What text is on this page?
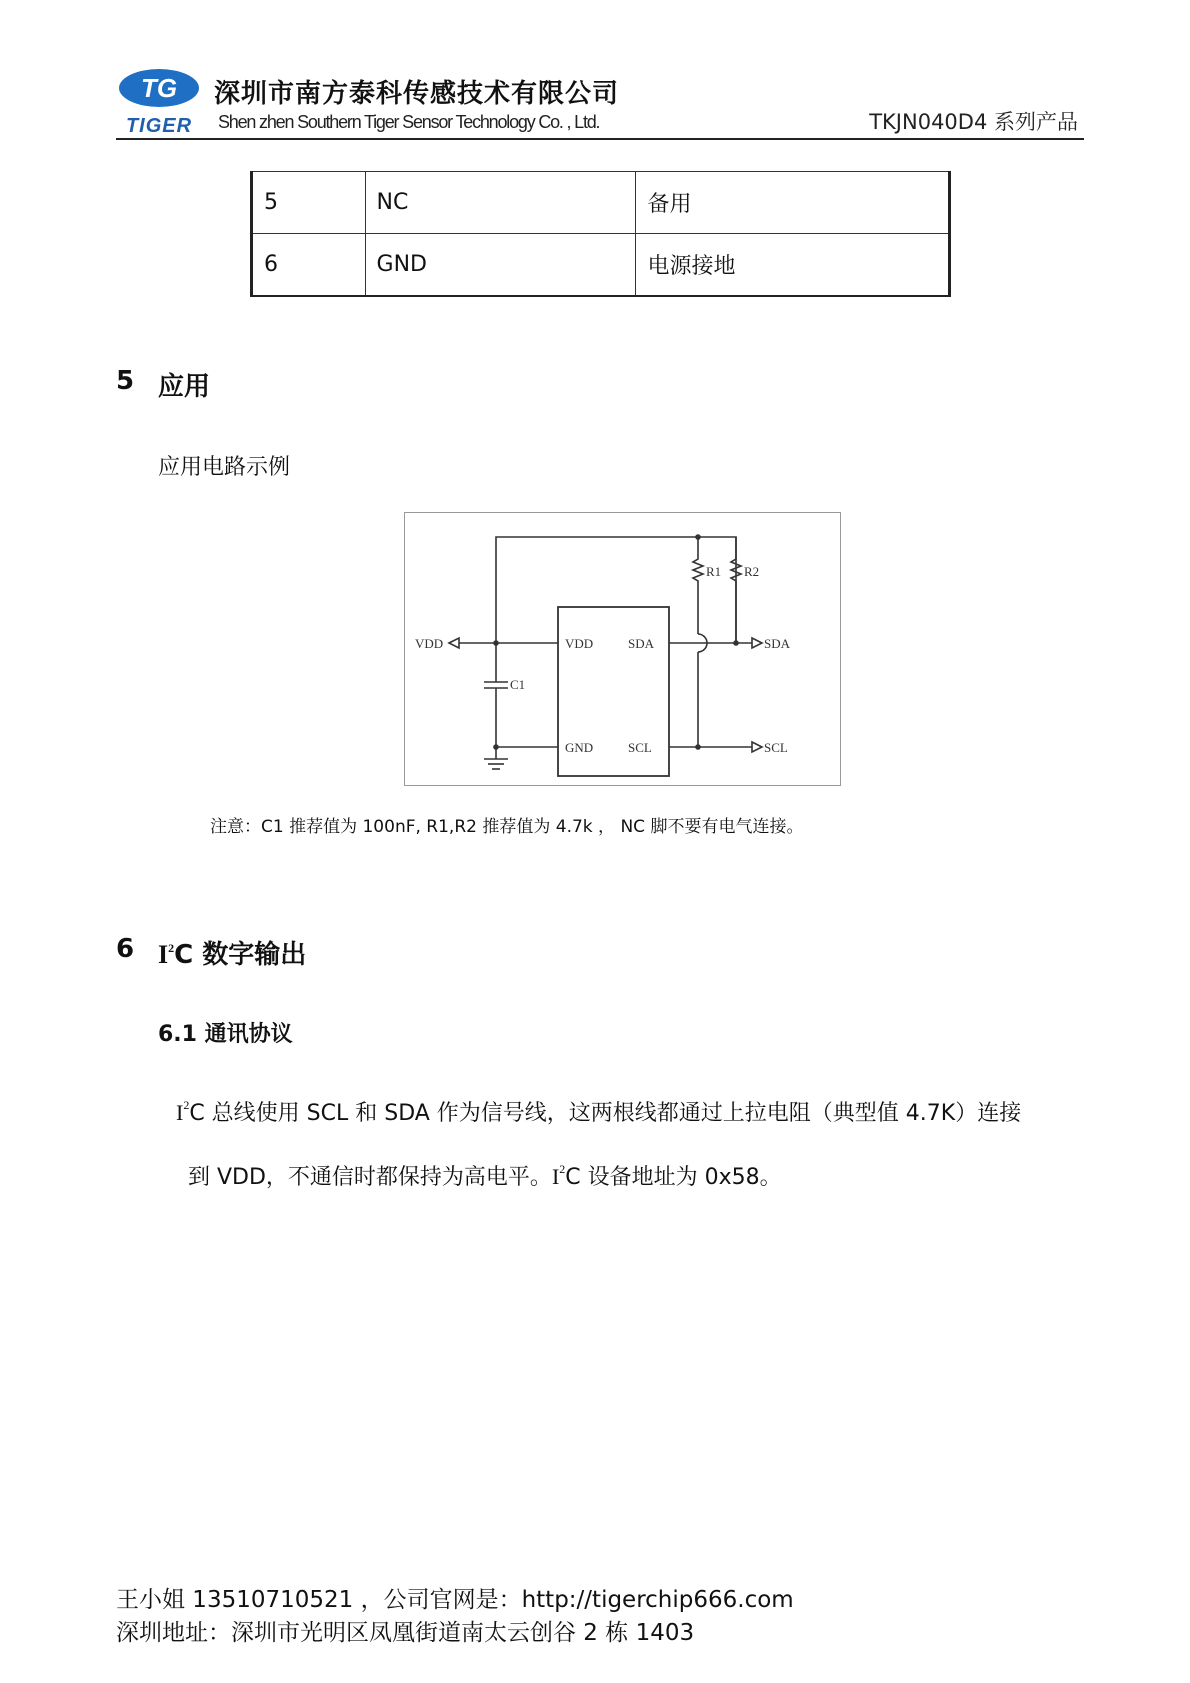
TG
TIGER
深圳市南方泰科传感技术有限公司
Shen zhen Southern Tiger Sensor Technology Co. , Ltd.	TKJN040D4 系列产品
5	NC	备用
6	GND	电源接地
5 应用
应用电路示例
VDD	VDD	SDA
GND	SCL
C1
R1 R2
SDA
SCL
注意：C1 推荐值为 100nF, R1,R2 推荐值为 4.7k ， NC 脚不要有电气连接。
6 $I^2C$ 数字输出
6.1 通讯协议
$I^2C$ 总线使用 SCL 和 SDA 作为信号线，这两根线都通过上拉电阻（典型值 4.7K）连接
到 VDD，不通信时都保持为高电平。$I^2C$ 设备地址为 0x58。
王小姐 13510710521 ，公司官网是：http://tigerchip666.com
深圳地址：深圳市光明区凤凰街道南太云创谷 2 栋 1403
